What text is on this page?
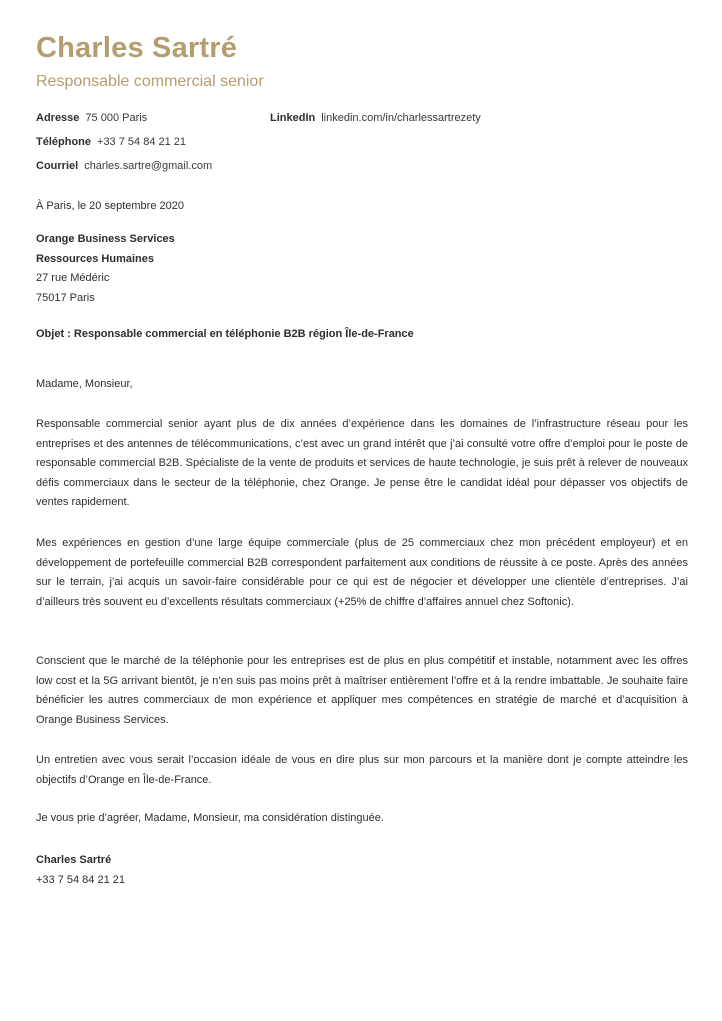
Charles Sartré
Responsable commercial senior
Adresse 75 000 Paris
Téléphone +33 7 54 84 21 21
Courriel charles.sartre@gmail.com
LinkedIn linkedin.com/in/charlessartrezety
À Paris, le 20 septembre 2020
Orange Business Services
Ressources Humaines
27 rue Médéric
75017 Paris
Objet : Responsable commercial en téléphonie B2B région Île-de-France
Madame, Monsieur,
Responsable commercial senior ayant plus de dix années d’expérience dans les domaines de l’infrastructure réseau pour les entreprises et des antennes de télécommunications, c’est avec un grand intérêt que j’ai consulté votre offre d’emploi pour le poste de responsable commercial B2B. Spécialiste de la vente de produits et services de haute technologie, je suis prêt à relever de nouveaux défis commerciaux dans le secteur de la téléphonie, chez Orange. Je pense être le candidat idéal pour dépasser vos objectifs de ventes rapidement.
Mes expériences en gestion d’une large équipe commerciale (plus de 25 commerciaux chez mon précédent employeur) et en développement de portefeuille commercial B2B correspondent parfaitement aux conditions de réussite à ce poste. Après des années sur le terrain, j’ai acquis un savoir-faire considérable pour ce qui est de négocier et développer une clientèle d’entreprises. J’ai d’ailleurs très souvent eu d’excellents résultats commerciaux (+25% de chiffre d’affaires annuel chez Softonic).
Conscient que le marché de la téléphonie pour les entreprises est de plus en plus compétitif et instable, notamment avec les offres low cost et la 5G arrivant bientôt, je n’en suis pas moins prêt à maîtriser entièrement l’offre et à la rendre imbattable. Je souhaite faire bénéficier les autres commerciaux de mon expérience et appliquer mes compétences en stratégie de marché et d’acquisition à Orange Business Services.
Un entretien avec vous serait l’occasion idéale de vous en dire plus sur mon parcours et la manière dont je compte atteindre les objectifs d’Orange en Île-de-France.
Je vous prie d’agréer, Madame, Monsieur, ma considération distinguée.
Charles Sartré
+33 7 54 84 21 21
